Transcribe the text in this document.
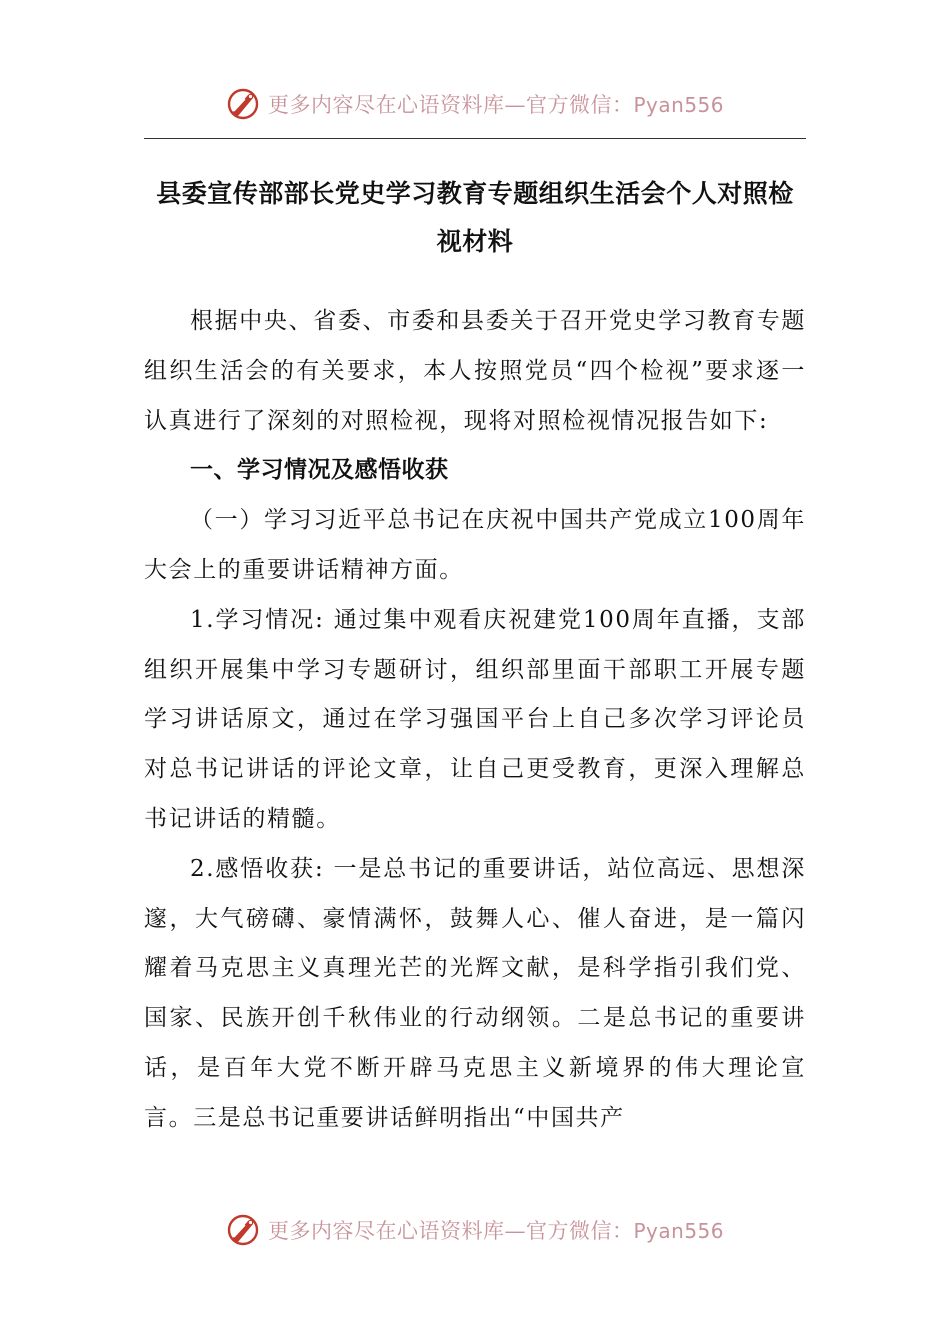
更多内容尽在心语资料库—官方微信：Pyan556
县委宣传部部长党史学习教育专题组织生活会个人对照检视材料

根据中央、省委、市委和县委关于召开党史学习教育专题组织生活会的有关要求，本人按照党员“四个检视”要求逐一认真进行了深刻的对照检视，现将对照检视情况报告如下:

一、学习情况及感悟收获

（一）学习习近平总书记在庆祝中国共产党成立100周年大会上的重要讲话精神方面。

1.学习情况: 通过集中观看庆祝建党100周年直播，支部组织开展集中学习专题研讨，组织部里面干部职工开展专题学习讲话原文，通过在学习强国平台上自己多次学习评论员对总书记讲话的评论文章，让自己更受教育，更深入理解总书记讲话的精髓。

2.感悟收获: 一是总书记的重要讲话，站位高远、思想深邃，大气磅礴、豪情满怀，鼓舞人心、催人奋进，是一篇闪耀着马克思主义真理光芒的光辉文献，是科学指引我们党、国家、民族开创千秋伟业的行动纲领。二是总书记的重要讲话，是百年大党不断开辟马克思主义新境界的伟大理论宣言。三是总书记重要讲话鲜明指出“中国共产

更多内容尽在心语资料库—官方微信：Pyan556
